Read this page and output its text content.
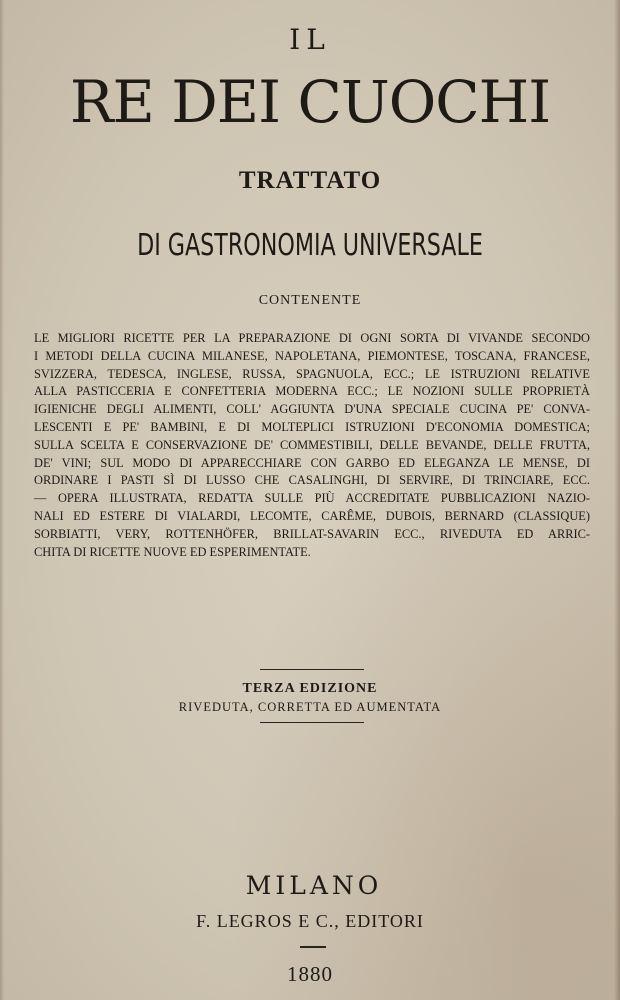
IL
RE DEI CUOCHI
TRATTATO
DI GASTRONOMIA UNIVERSALE
CONTENENTE
LE MIGLIORI RICETTE PER LA PREPARAZIONE DI OGNI SORTA DI VIVANDE SECONDO
I METODI DELLA CUCINA MILANESE, NAPOLETANA, PIEMONTESE, TOSCANA, FRANCESE,
SVIZZERA, TEDESCA, INGLESE, RUSSA, SPAGNUOLA, ECC.; LE ISTRUZIONI RELATIVE
ALLA PASTICCERIA E CONFETTERIA MODERNA ECC.; LE NOZIONI SULLE PROPRIETÀ
IGIENICHE DEGLI ALIMENTI, COLL' AGGIUNTA D'UNA SPECIALE CUCINA PE' CONVA-
LESCENTI E PE' BAMBINI, E DI MOLTEPLICI ISTRUZIONI D'ECONOMIA DOMESTICA;
SULLA SCELTA E CONSERVAZIONE DE' COMMESTIBILI, DELLE BEVANDE, DELLE FRUTTA,
DE' VINI; SUL MODO DI APPARECCHIARE CON GARBO ED ELEGANZA LE MENSE, DI
ORDINARE I PASTI SÌ DI LUSSO CHE CASALINGHI, DI SERVIRE, DI TRINCIARE, ECC.
— OPERA ILLUSTRATA, REDATTA SULLE PIÙ ACCREDITATE PUBBLICAZIONI NAZIO-
NALI ED ESTERE DI VIALARDI, LECOMTE, CARÊME, DUBOIS, BERNARD (CLASSIQUE)
SORBIATTI, VERY, ROTTENHÖFER, BRILLAT-SAVARIN ECC., RIVEDUTA ED ARRIC-
CHITA DI RICETTE NUOVE ED ESPERIMENTATE.
TERZA EDIZIONE
RIVEDUTA, CORRETTA ED AUMENTATA
MILANO
F. LEGROS E C., EDITORI
1880
